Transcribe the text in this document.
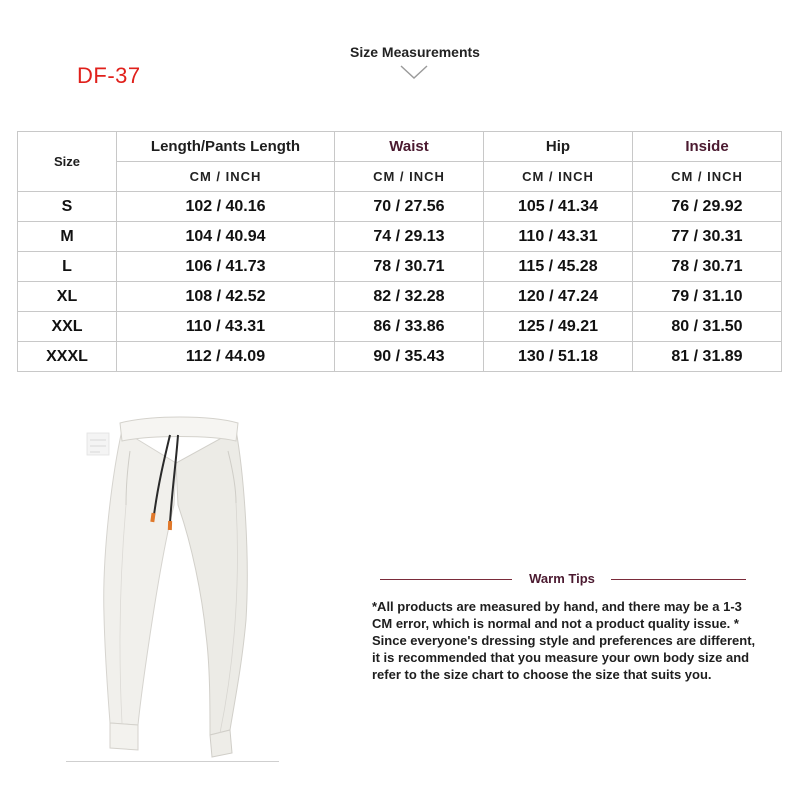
DF-37
Size Measurements
Size	Length/Pants Length	Waist	Hip	Inside
	CM / INCH	CM / INCH	CM / INCH	CM / INCH
S	102 / 40.16	70 / 27.56	105 / 41.34	76 / 29.92
M	104 / 40.94	74 / 29.13	110 / 43.31	77 / 30.31
L	106 / 41.73	78 / 30.71	115 / 45.28	78 / 30.71
XL	108 / 42.52	82 / 32.28	120 / 47.24	79 / 31.10
XXL	110 / 43.31	86 / 33.86	125 / 49.21	80 / 31.50
XXXL	112 / 44.09	90 / 35.43	130 / 51.18	81 / 31.89
Warm Tips
*All products are measured by hand, and there may be a 1-3
CM error, which is normal and not a product quality issue. *
Since everyone's dressing style and preferences are different,
it is recommended that you measure your own body size and
refer to the size chart to choose the size that suits you.
